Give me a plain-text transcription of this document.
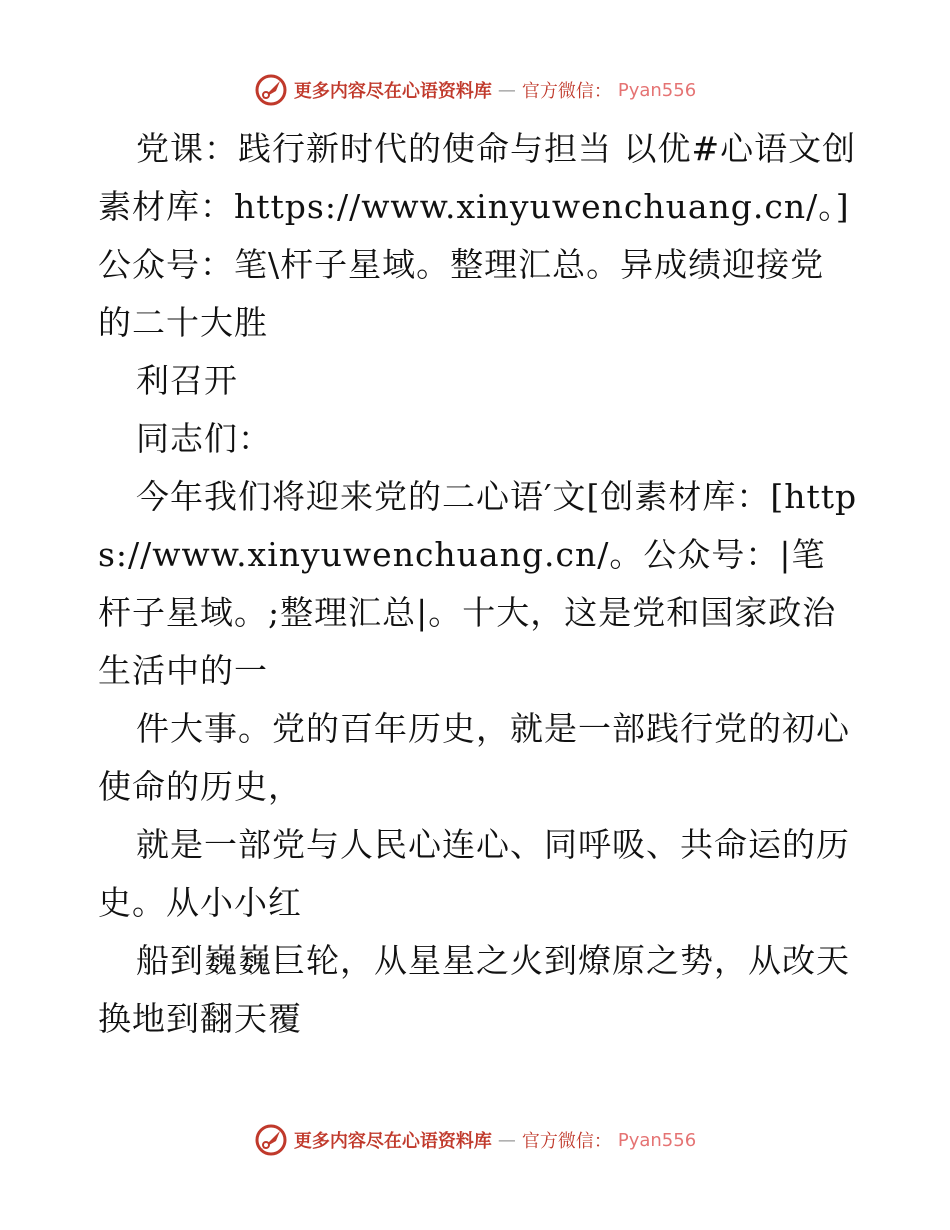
更多内容尽在心语资料库 — 官方微信： Pyan556

党课：践行新时代的使命与担当 以优#心语文创素材库：https://www.xinyuwenchuang.cn/。]公众号：笔\杆子星域。整理汇总。异成绩迎接党的二十大胜

利召开

同志们：

今年我们将迎来党的二心语′文[创素材库：[https://www.xinyuwenchuang.cn/。公众号：|笔杆子星域。;整理汇总|。十大，这是党和国家政治生活中的一

件大事。党的百年历史，就是一部践行党的初心使命的历史，

就是一部党与人民心连心、同呼吸、共命运的历史。从小小红

船到巍巍巨轮，从星星之火到燎原之势，从改天换地到翻天覆

更多内容尽在心语资料库 — 官方微信： Pyan556
